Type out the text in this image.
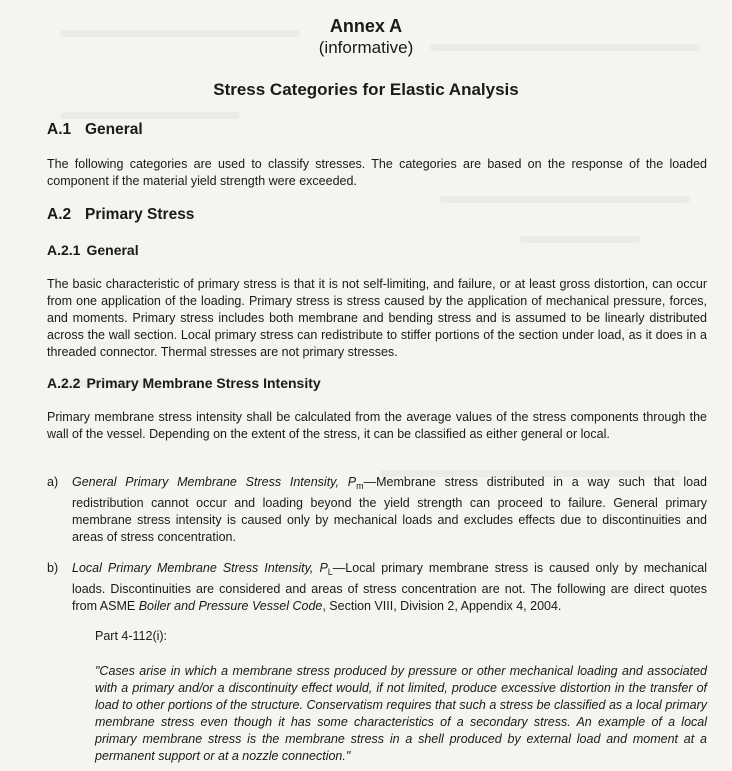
Annex A
(informative)
Stress Categories for Elastic Analysis
A.1 General

The following categories are used to classify stresses. The categories are based on the response of the loaded component if the material yield strength were exceeded.

A.2 Primary Stress
A.2.1 General

The basic characteristic of primary stress is that it is not self-limiting, and failure, or at least gross distortion, can occur from one application of the loading. Primary stress is stress caused by the application of mechanical pressure, forces, and moments. Primary stress includes both membrane and bending stress and is assumed to be linearly distributed across the wall section. Local primary stress can redistribute to stiffer portions of the section under load, as it does in a threaded connector. Thermal stresses are not primary stresses.

A.2.2 Primary Membrane Stress Intensity

Primary membrane stress intensity shall be calculated from the average values of the stress components through the wall of the vessel. Depending on the extent of the stress, it can be classified as either general or local.

a) General Primary Membrane Stress Intensity, $P_m—Membrane$ stress distributed in a way such that load redistribution cannot occur and loading beyond the yield strength can proceed to failure. General primary membrane stress intensity is caused only by mechanical loads and excludes effects due to discontinuities and areas of stress concentration.
b) Local Primary Membrane Stress Intensity, $P_L—Local$ primary membrane stress is caused only by mechanical loads. Discontinuities are considered and areas of stress concentration are not. The following are direct quotes from ASME Boiler and Pressure Vessel Code, Section VIII, Division 2, Appendix 4, 2004.
Part 4-112(i):

"Cases arise in which a membrane stress produced by pressure or other mechanical loading and associated with a primary and/or a discontinuity effect would, if not limited, produce excessive distortion in the transfer of load to other portions of the structure. Conservatism requires that such a stress be classified as a local primary membrane stress even though it has some characteristics of a secondary stress. An example of a local primary membrane stress is the membrane stress in a shell produced by external load and moment at a permanent support or at a nozzle connection."
